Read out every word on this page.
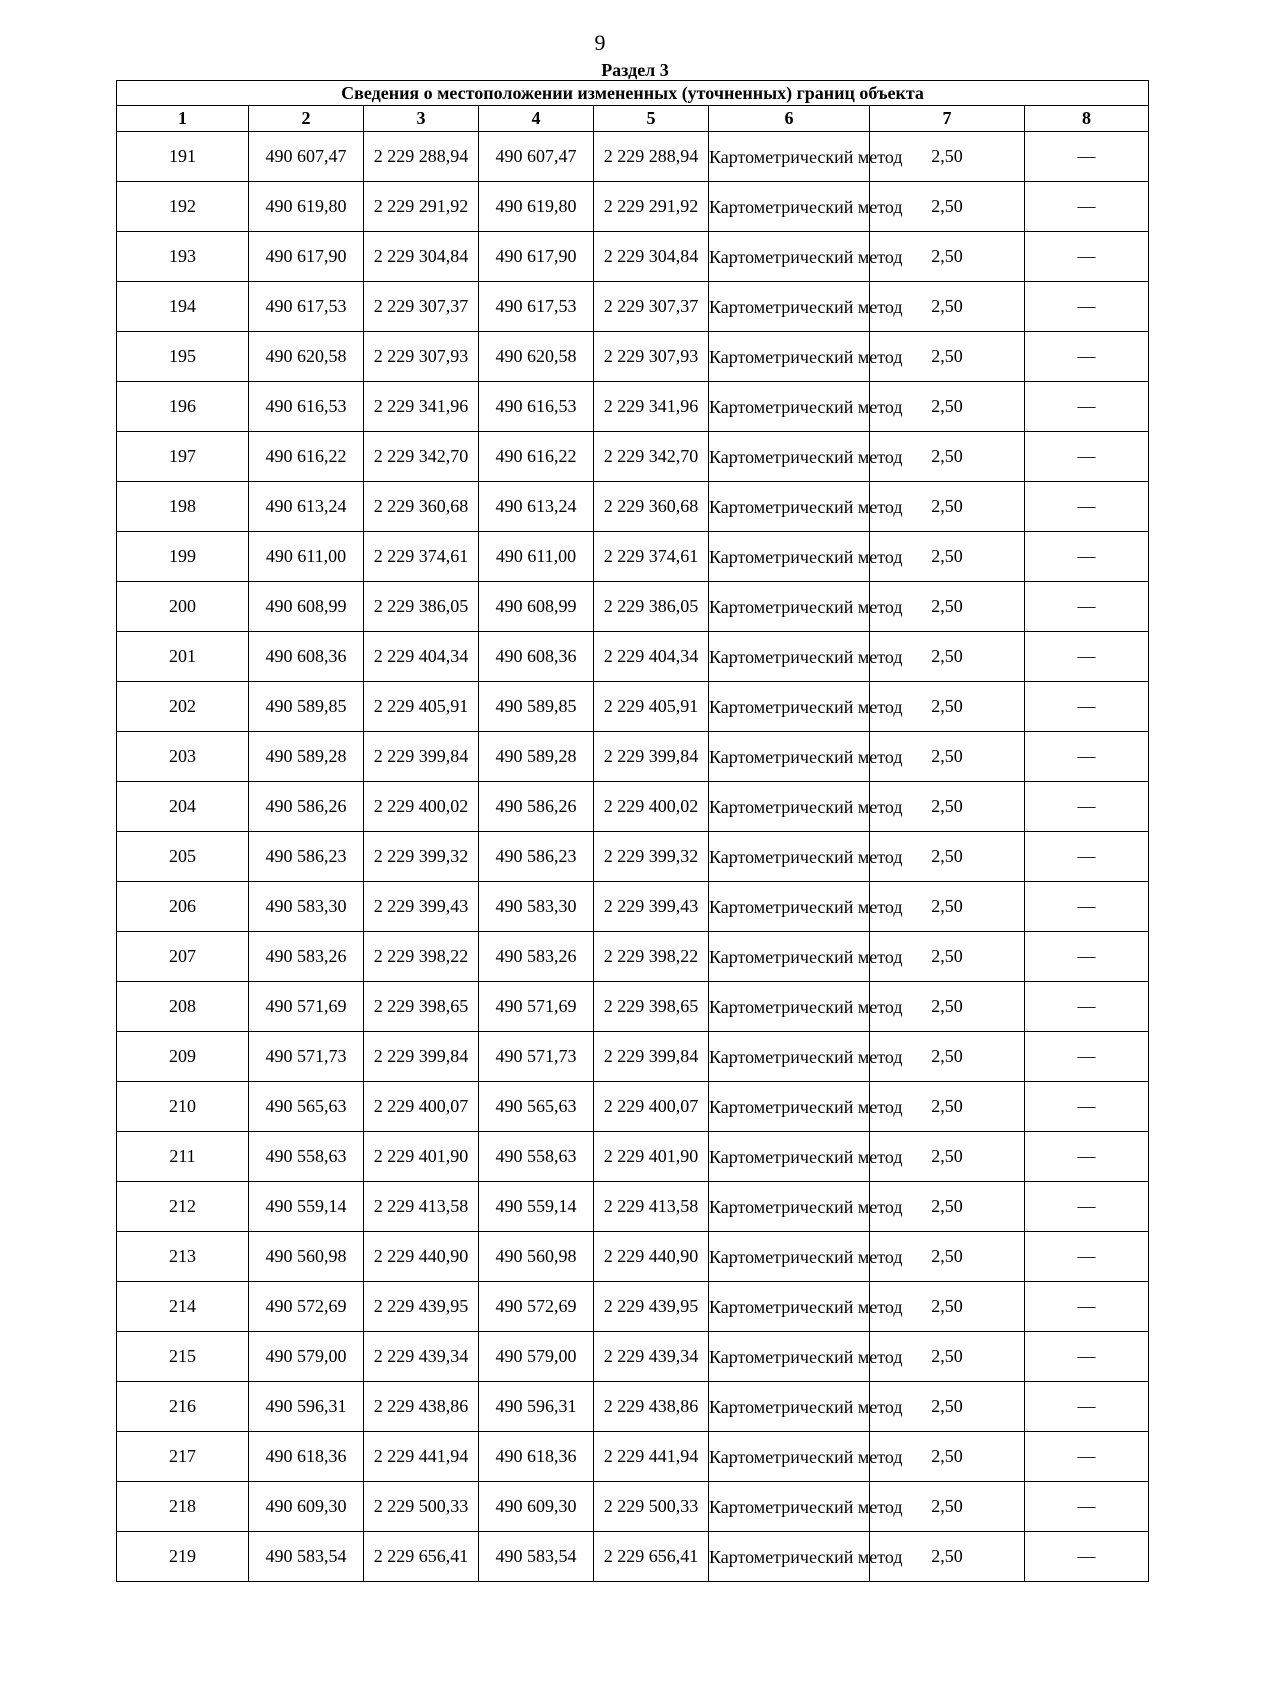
9
Раздел 3
Сведения о местоположении измененных (уточненных) границ объекта							
1	2	3	4	5	6	7	8
191	490 607,47	2 229 288,94	490 607,47	2 229 288,94	Картометрический метод	2,50	—
192	490 619,80	2 229 291,92	490 619,80	2 229 291,92	Картометрический метод	2,50	—
193	490 617,90	2 229 304,84	490 617,90	2 229 304,84	Картометрический метод	2,50	—
194	490 617,53	2 229 307,37	490 617,53	2 229 307,37	Картометрический метод	2,50	—
195	490 620,58	2 229 307,93	490 620,58	2 229 307,93	Картометрический метод	2,50	—
196	490 616,53	2 229 341,96	490 616,53	2 229 341,96	Картометрический метод	2,50	—
197	490 616,22	2 229 342,70	490 616,22	2 229 342,70	Картометрический метод	2,50	—
198	490 613,24	2 229 360,68	490 613,24	2 229 360,68	Картометрический метод	2,50	—
199	490 611,00	2 229 374,61	490 611,00	2 229 374,61	Картометрический метод	2,50	—
200	490 608,99	2 229 386,05	490 608,99	2 229 386,05	Картометрический метод	2,50	—
201	490 608,36	2 229 404,34	490 608,36	2 229 404,34	Картометрический метод	2,50	—
202	490 589,85	2 229 405,91	490 589,85	2 229 405,91	Картометрический метод	2,50	—
203	490 589,28	2 229 399,84	490 589,28	2 229 399,84	Картометрический метод	2,50	—
204	490 586,26	2 229 400,02	490 586,26	2 229 400,02	Картометрический метод	2,50	—
205	490 586,23	2 229 399,32	490 586,23	2 229 399,32	Картометрический метод	2,50	—
206	490 583,30	2 229 399,43	490 583,30	2 229 399,43	Картометрический метод	2,50	—
207	490 583,26	2 229 398,22	490 583,26	2 229 398,22	Картометрический метод	2,50	—
208	490 571,69	2 229 398,65	490 571,69	2 229 398,65	Картометрический метод	2,50	—
209	490 571,73	2 229 399,84	490 571,73	2 229 399,84	Картометрический метод	2,50	—
210	490 565,63	2 229 400,07	490 565,63	2 229 400,07	Картометрический метод	2,50	—
211	490 558,63	2 229 401,90	490 558,63	2 229 401,90	Картометрический метод	2,50	—
212	490 559,14	2 229 413,58	490 559,14	2 229 413,58	Картометрический метод	2,50	—
213	490 560,98	2 229 440,90	490 560,98	2 229 440,90	Картометрический метод	2,50	—
214	490 572,69	2 229 439,95	490 572,69	2 229 439,95	Картометрический метод	2,50	—
215	490 579,00	2 229 439,34	490 579,00	2 229 439,34	Картометрический метод	2,50	—
216	490 596,31	2 229 438,86	490 596,31	2 229 438,86	Картометрический метод	2,50	—
217	490 618,36	2 229 441,94	490 618,36	2 229 441,94	Картометрический метод	2,50	—
218	490 609,30	2 229 500,33	490 609,30	2 229 500,33	Картометрический метод	2,50	—
219	490 583,54	2 229 656,41	490 583,54	2 229 656,41	Картометрический метод	2,50	—
